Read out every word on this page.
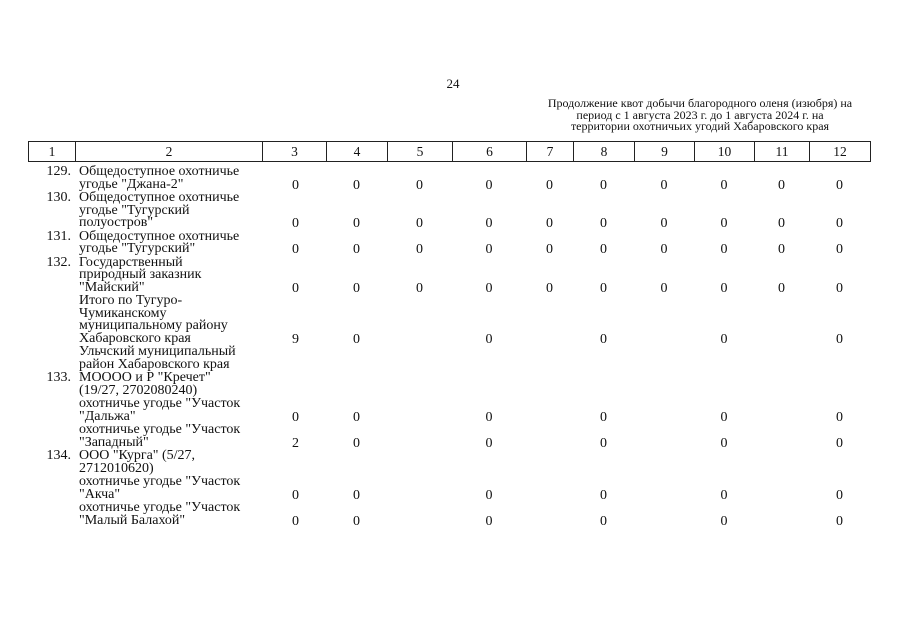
24
Продолжение квот добычи благородного оленя (изюбря) на
период с 1 августа 2023 г. до 1 августа 2024 г. на
территории охотничьих угодий Хабаровского края
1	2	3	4	5	6	7	8	9	10	11	12
129.	Общедоступное охотничье
угодье "Джана-2"	0	0	0	0	0	0	0	0	0	0
130.	Общедоступное охотничье
угодье "Тугурский
полуостров"	0	0	0	0	0	0	0	0	0	0
131.	Общедоступное охотничье
угодье "Тугурский"	0	0	0	0	0	0	0	0	0	0
132.	Государственный
природный заказник
"Майский"	0	0	0	0	0	0	0	0	0	0

	Итого по Тугуро-
Чумиканскому
муниципальному району
Хабаровского края	9	0		0		0		0		0

	Ульчский муниципальный
район Хабаровского края										

133.	МОООО и Р "Кречет"
(19/27, 2702080240)										

	охотничье угодье "Участок
"Дальжа"	0	0		0		0		0		0

	охотничье угодье "Участок
"Западный"	2	0		0		0		0		0
134.	ООО "Курга" (5/27,
2712010620)										

	охотничье угодье "Участок
"Акча"	0	0		0		0		0		0

	охотничье угодье "Участок
"Малый Балахой"	0	0		0		0		0		0
